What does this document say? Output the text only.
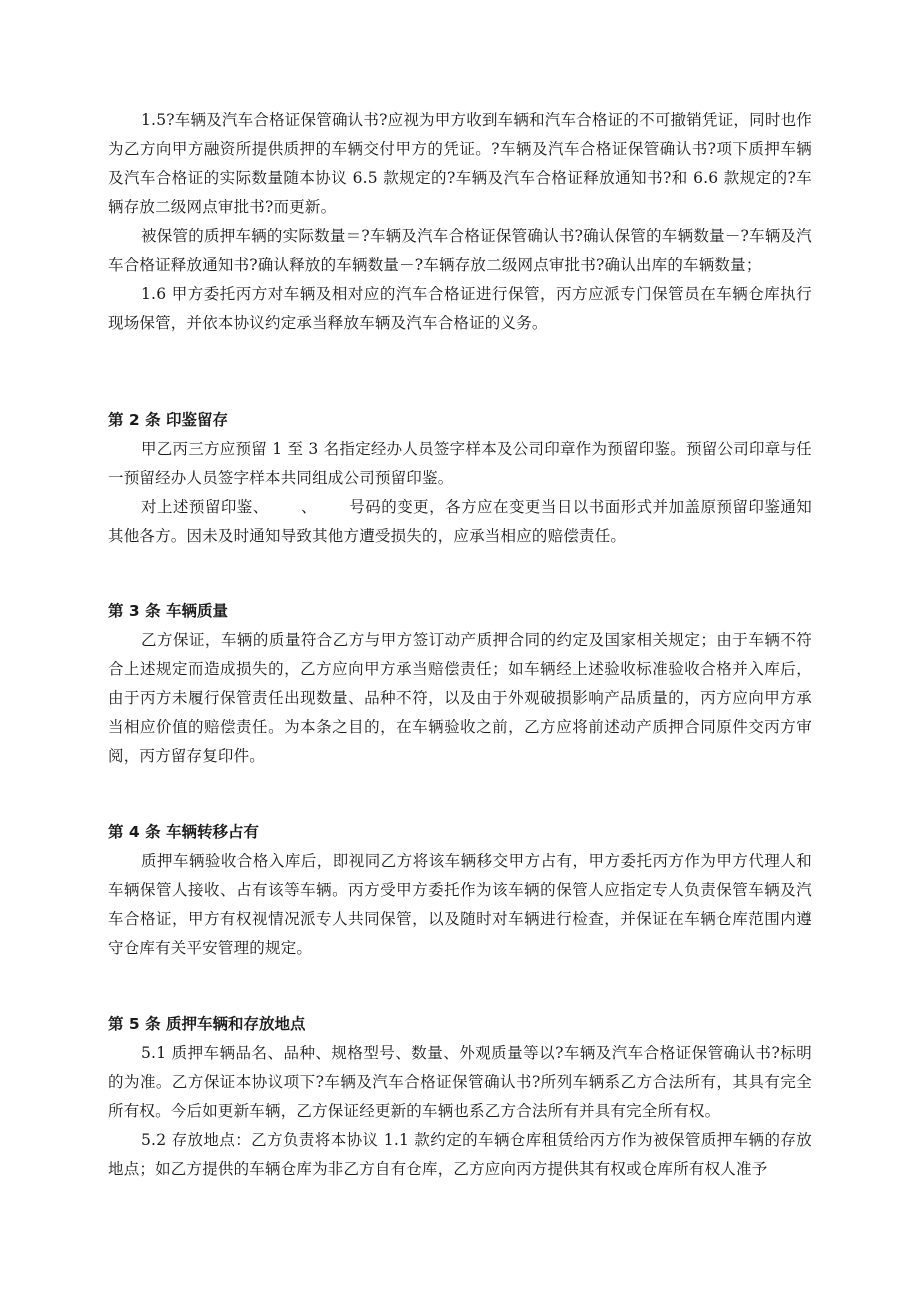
1.5?车辆及汽车合格证保管确认书?应视为甲方收到车辆和汽车合格证的不可撤销凭证，同时也作为乙方向甲方融资所提供质押的车辆交付甲方的凭证。?车辆及汽车合格证保管确认书?项下质押车辆及汽车合格证的实际数量随本协议 6.5 款规定的?车辆及汽车合格证释放通知书?和 6.6 款规定的?车辆存放二级网点审批书?而更新。

被保管的质押车辆的实际数量＝?车辆及汽车合格证保管确认书?确认保管的车辆数量－?车辆及汽车合格证释放通知书?确认释放的车辆数量－?车辆存放二级网点审批书?确认出库的车辆数量；

1.6 甲方委托丙方对车辆及相对应的汽车合格证进行保管，丙方应派专门保管员在车辆仓库执行现场保管，并依本协议约定承当释放车辆及汽车合格证的义务。

第 2 条 印鉴留存

甲乙丙三方应预留 1 至 3 名指定经办人员签字样本及公司印章作为预留印鉴。预留公司印章与任一预留经办人员签字样本共同组成公司预留印鉴。

对上述预留印鉴、      、      号码的变更，各方应在变更当日以书面形式并加盖原预留印鉴通知其他各方。因未及时通知导致其他方遭受损失的，应承当相应的赔偿责任。

第 3 条 车辆质量

乙方保证，车辆的质量符合乙方与甲方签订动产质押合同的约定及国家相关规定；由于车辆不符合上述规定而造成损失的，乙方应向甲方承当赔偿责任；如车辆经上述验收标准验收合格并入库后，由于丙方未履行保管责任出现数量、品种不符，以及由于外观破损影响产品质量的，丙方应向甲方承当相应价值的赔偿责任。为本条之目的，在车辆验收之前，乙方应将前述动产质押合同原件交丙方审阅，丙方留存复印件。

第 4 条 车辆转移占有

质押车辆验收合格入库后，即视同乙方将该车辆移交甲方占有，甲方委托丙方作为甲方代理人和车辆保管人接收、占有该等车辆。丙方受甲方委托作为该车辆的保管人应指定专人负责保管车辆及汽车合格证，甲方有权视情况派专人共同保管，以及随时对车辆进行检查，并保证在车辆仓库范围内遵守仓库有关平安管理的规定。

第 5 条 质押车辆和存放地点

5.1 质押车辆品名、品种、规格型号、数量、外观质量等以?车辆及汽车合格证保管确认书?标明的为准。乙方保证本协议项下?车辆及汽车合格证保管确认书?所列车辆系乙方合法所有，其具有完全所有权。今后如更新车辆，乙方保证经更新的车辆也系乙方合法所有并具有完全所有权。

5.2 存放地点：乙方负责将本协议 1.1 款约定的车辆仓库租赁给丙方作为被保管质押车辆的存放地点；如乙方提供的车辆仓库为非乙方自有仓库，乙方应向丙方提供其有权或仓库所有权人准予
